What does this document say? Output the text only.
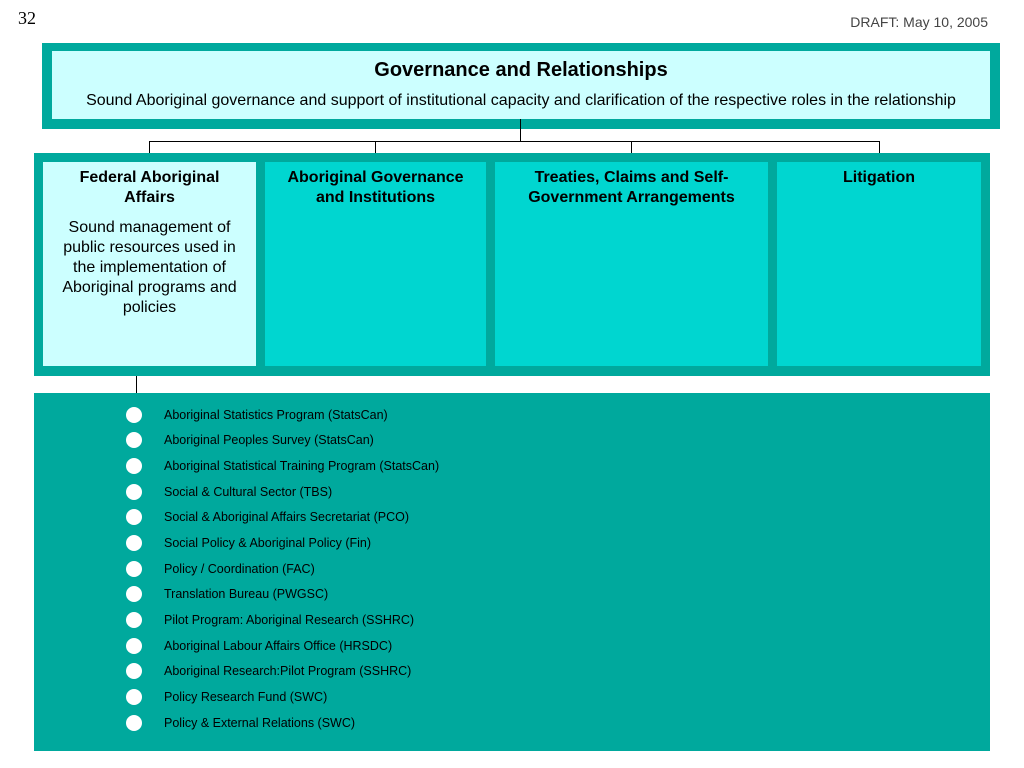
32	DRAFT: May 10, 2005
Governance and Relationships
Sound Aboriginal governance and support of institutional capacity and clarification of the respective roles in the relationship
Federal Aboriginal Affairs
Sound management of public resources used in the implementation of Aboriginal programs and policies
Aboriginal Governance and Institutions
Treaties, Claims and Self-Government Arrangements
Litigation
Aboriginal Statistics Program (StatsCan)
Aboriginal Peoples Survey (StatsCan)
Aboriginal Statistical Training Program (StatsCan)
Social & Cultural Sector (TBS)
Social & Aboriginal Affairs Secretariat (PCO)
Social Policy & Aboriginal Policy (Fin)
Policy / Coordination (FAC)
Translation Bureau (PWGSC)
Pilot Program: Aboriginal Research (SSHRC)
Aboriginal Labour Affairs Office (HRSDC)
Aboriginal Research:Pilot Program (SSHRC)
Policy Research Fund (SWC)
Policy & External Relations (SWC)
